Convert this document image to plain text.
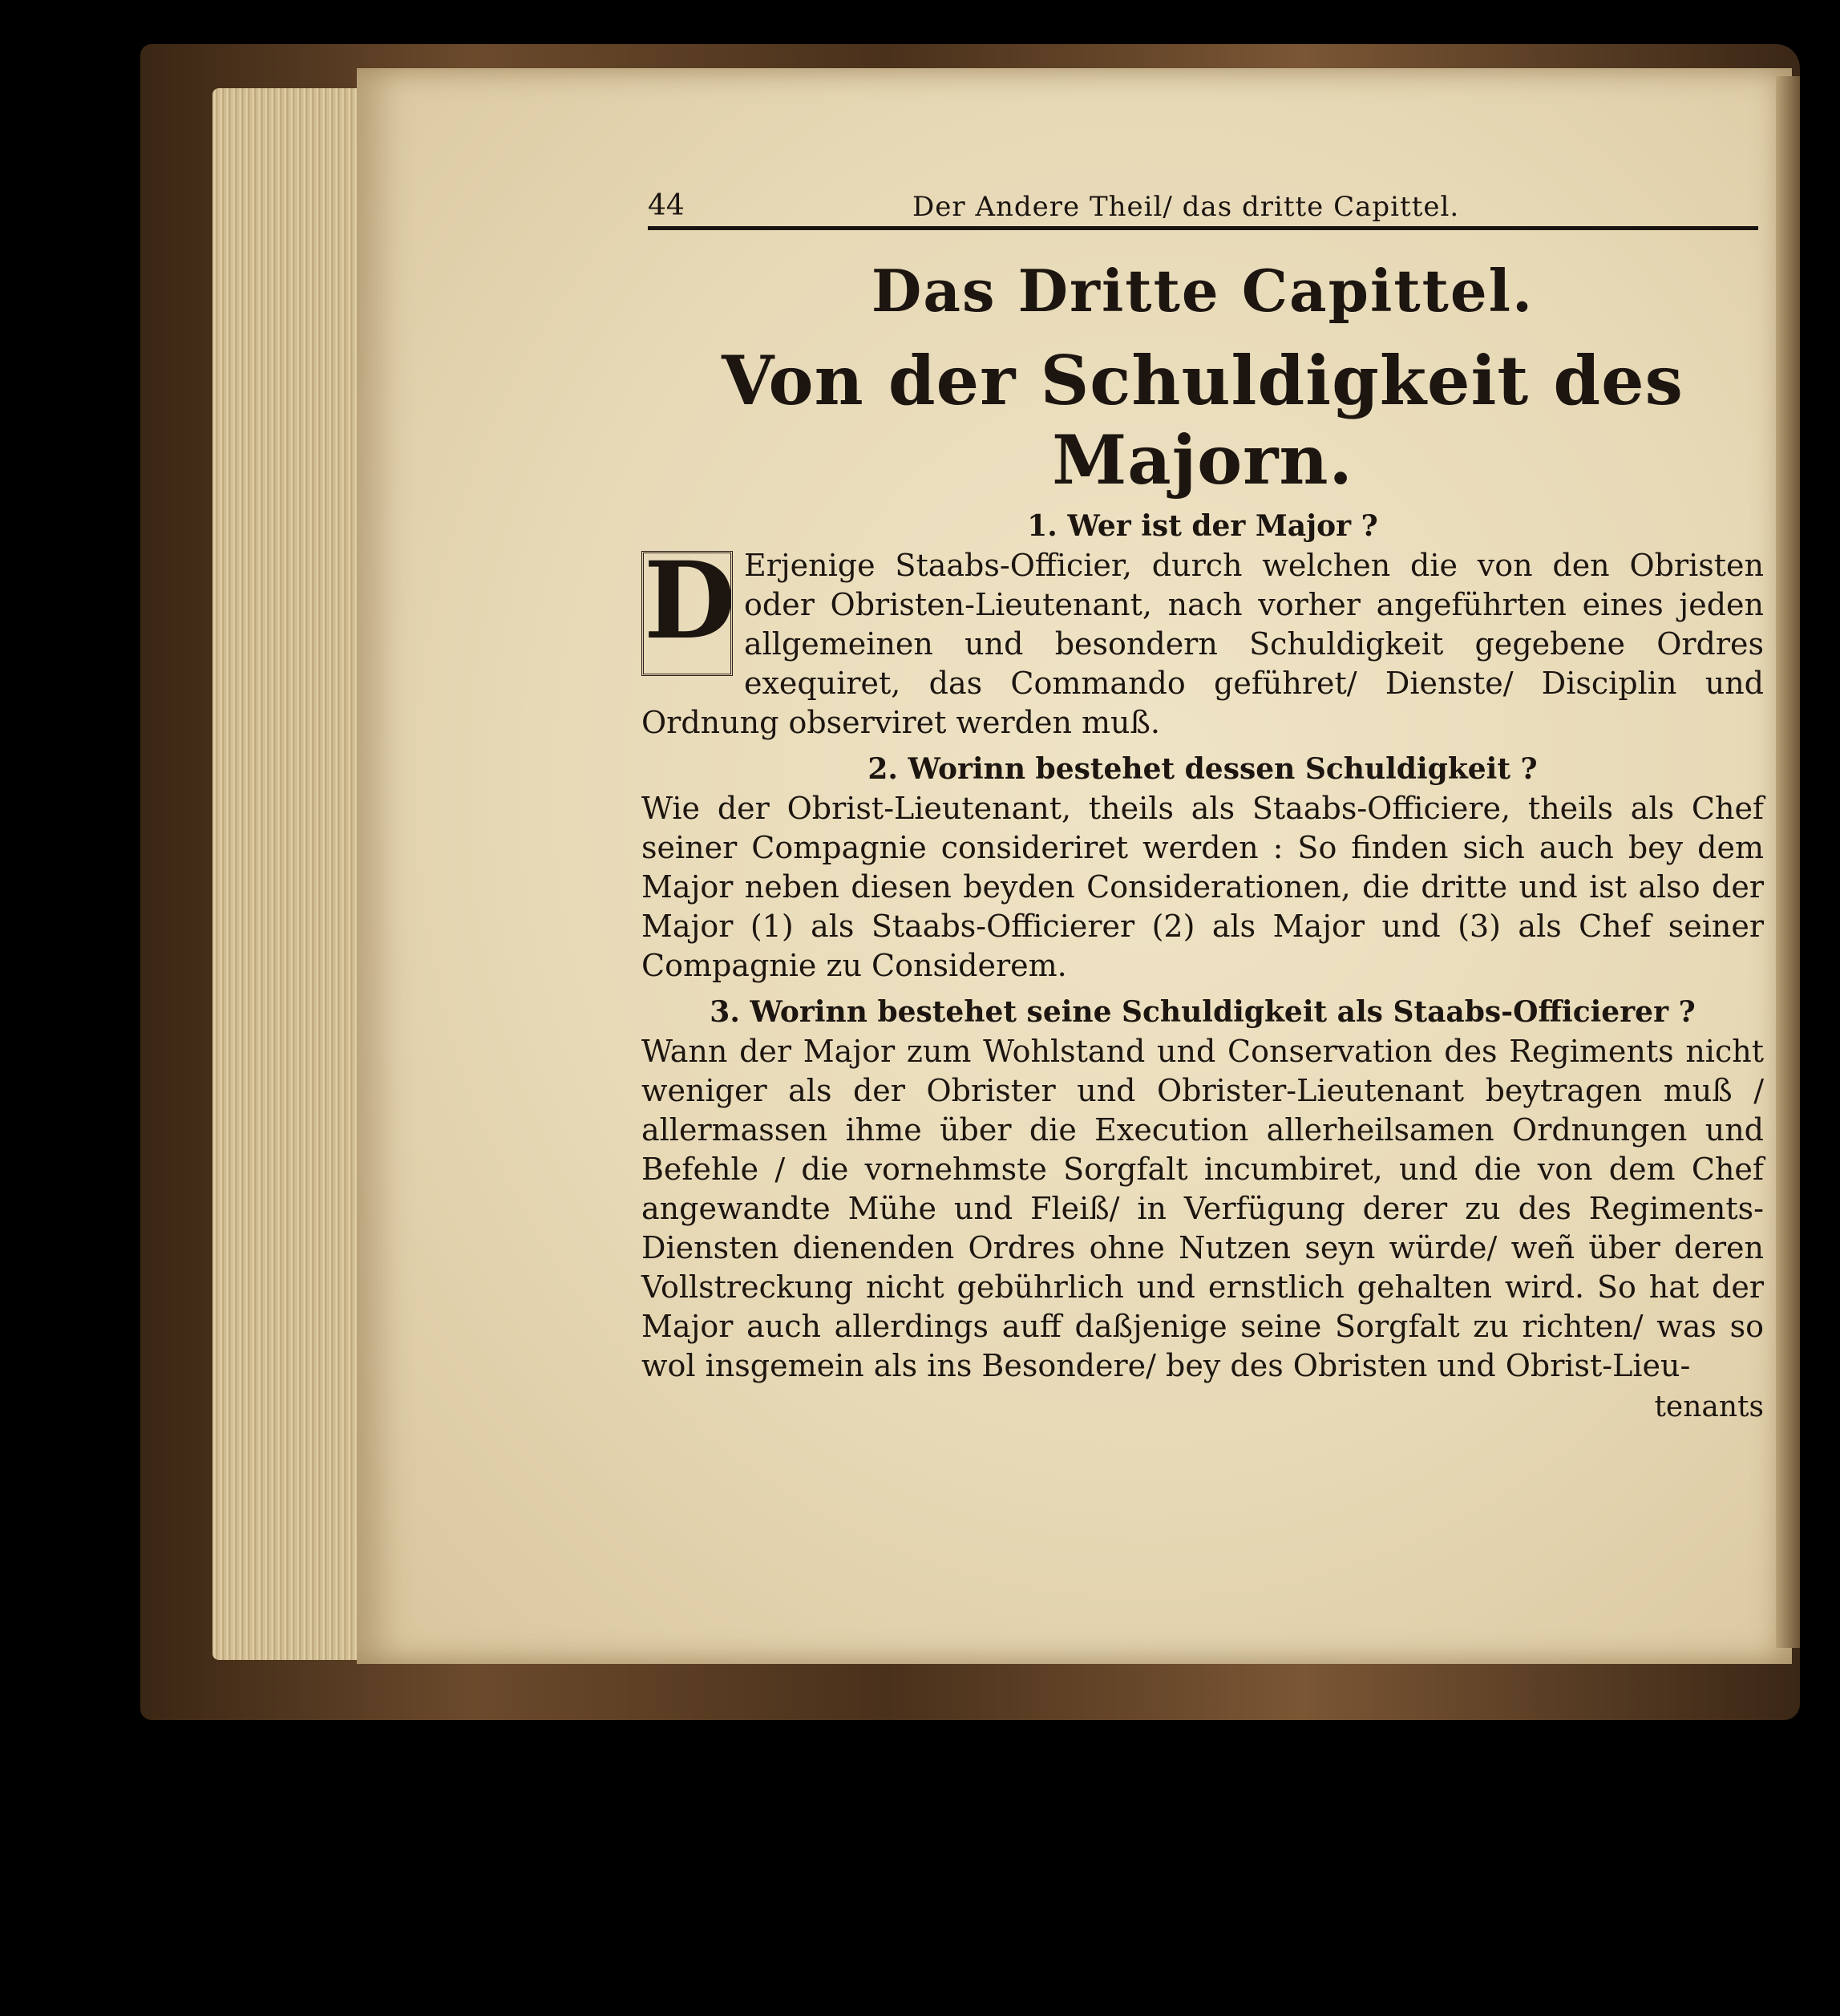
44	Der Andere Theil/ das dritte Capittel.
Das Dritte Capittel.
Von der Schuldigkeit des Majorn.
1. Wer ist der Major ?
D Erjenige Staabs-Officier, durch welchen die von den Obristen oder Obristen-Lieutenant, nach vorher angeführten eines jeden allgemeinen und besondern Schuldigkeit gegebene Ordres exequiret, das Commando geführet/ Dienste/ Disciplin und Ordnung observiret werden muß.

2. Worinn bestehet dessen Schuldigkeit ?

Wie der Obrist-Lieutenant, theils als Staabs-Officiere, theils als Chef seiner Compagnie consideriret werden : So finden sich auch bey dem Major neben diesen beyden Considerationen, die dritte und ist also der Major (1) als Staabs-Officierer (2) als Major und (3) als Chef seiner Compagnie zu Considerem.

3. Worinn bestehet seine Schuldigkeit als Staabs-Officierer ?

Wann der Major zum Wohlstand und Conservation des Regiments nicht weniger als der Obrister und Obrister-Lieutenant beytragen muß / allermassen ihme über die Execution allerheilsamen Ordnungen und Befehle / die vornehmste Sorgfalt incumbiret, und die von dem Chef angewandte Mühe und Fleiß/ in Verfügung derer zu des Regiments-Diensten dienenden Ordres ohne Nutzen seyn würde/ weñ über deren Vollstreckung nicht gebührlich und ernstlich gehalten wird. So hat der Major auch allerdings auff daßjenige seine Sorgfalt zu richten/ was so wol insgemein als ins Besondere/ bey des Obristen und Obrist-Lieu-

tenants
